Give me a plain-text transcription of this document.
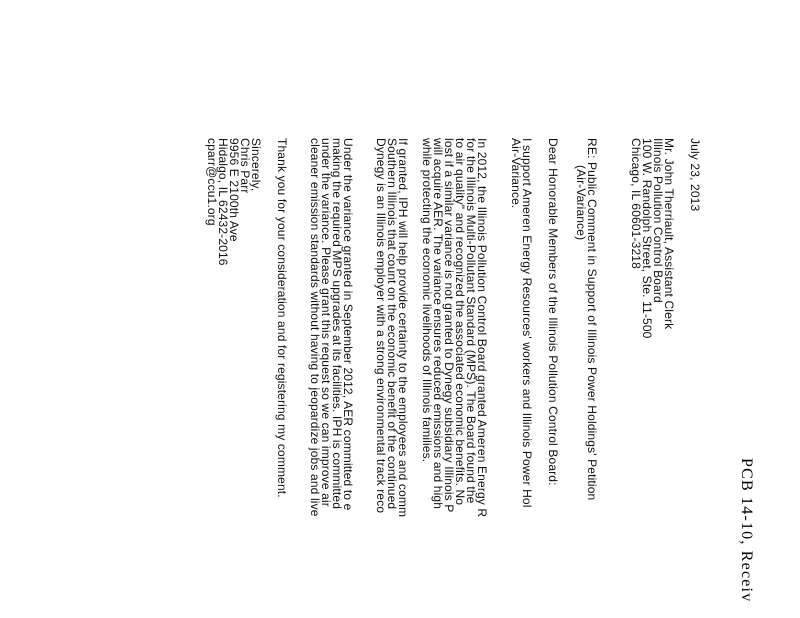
PCB 14-10, Receiv
July 23, 2013
Mr. John Therriault, Assistant Clerk
Illinois Pollution Control Board
100 W. Randolph Street, Ste. 11-500
Chicago, IL 60601-3218
RE: Public Comment in Support of Illinois Power Holdings' Petition
(Air-Variance)
Dear Honorable Members of the Illinois Pollution Control Board:
I support Ameren Energy Resources' workers and Illinois Power Hol
Air-Variance.
In 2012, the Illinois Pollution Control Board granted Ameren Energy R
for the Illinois Multi-Pollutant Standard (MPS). The Board found the
to air quality" and recognized the associated economic benefits. No
lost if a similar variance is not granted to Dynegy subsidiary Illinois P
will acquire AER. The variance ensures reduced emissions and high
while protecting the economic livelihoods of Illinois families.
If granted, IPH will help provide certainty to the employees and comm
Southern Illinois that count on the economic benefit of the continued
Dynegy is an Illinois employer with a strong environmental track reco
Under the variance granted in September 2012, AER committed to e
making the required MPS upgrades at its facilities. IPH is committed
under the variance. Please grant this request so we can improve air
cleaner emission standards without having to jeopardize jobs and live
Thank you for your consideration and for registering my comment.
Sincerely,
Chris Parr
9956 E 2100th Ave
Hidalgo, IL 62432-2016
cparr@ccu1.org
